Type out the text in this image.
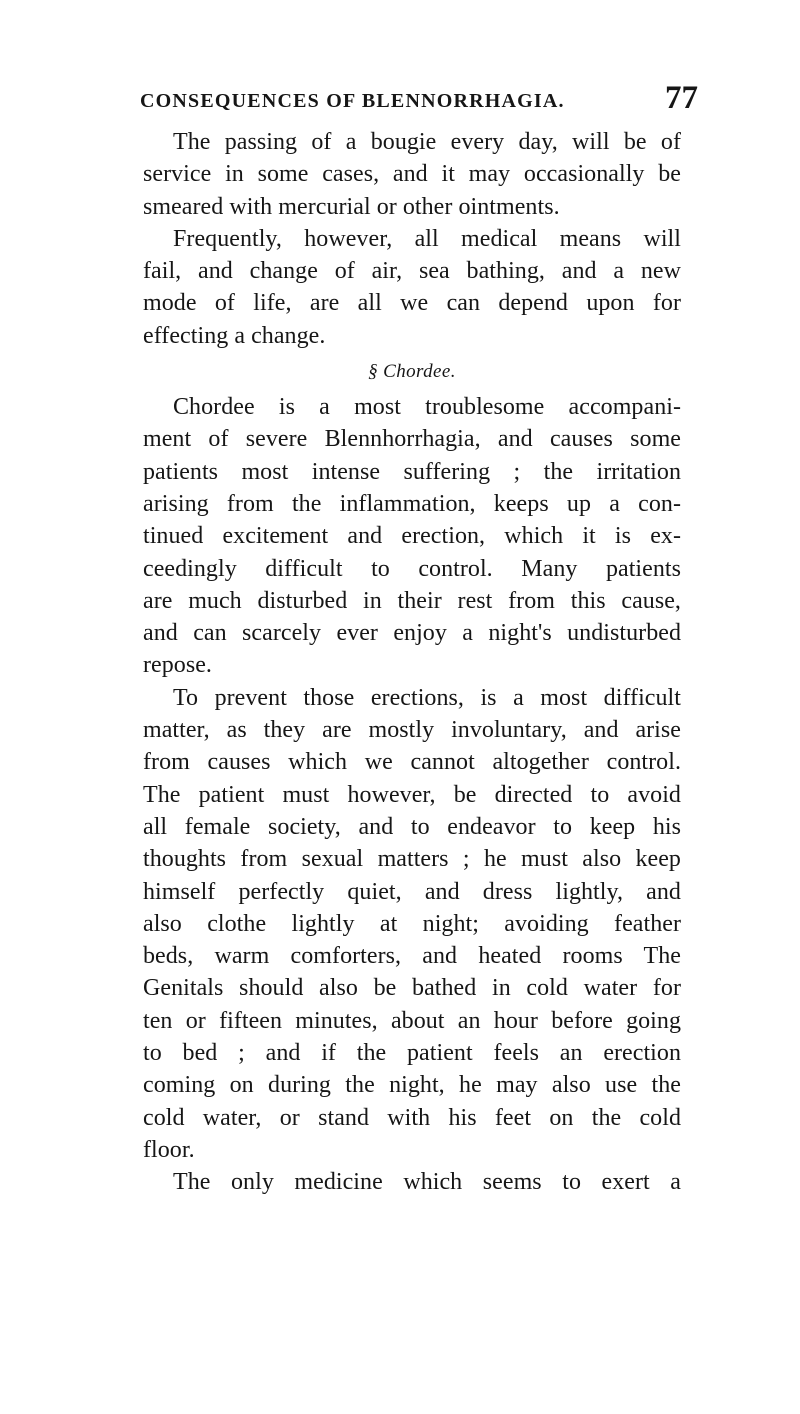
CONSEQUENCES OF BLENNORRHAGIA.	77
The passing of a bougie every day, will be of
service in some cases, and it may occasionally be
smeared with mercurial or other ointments.
Frequently, however, all medical means will
fail, and change of air, sea bathing, and a new
mode of life, are all we can depend upon for
effecting a change.
§ Chordee.
Chordee is a most troublesome accompani-
ment of severe Blennhorrhagia, and causes some
patients most intense suffering ; the irritation
arising from the inflammation, keeps up a con-
tinued excitement and erection, which it is ex-
ceedingly difficult to control. Many patients
are much disturbed in their rest from this cause,
and can scarcely ever enjoy a night's undisturbed
repose.
To prevent those erections, is a most difficult
matter, as they are mostly involuntary, and arise
from causes which we cannot altogether control.
The patient must however, be directed to avoid
all female society, and to endeavor to keep his
thoughts from sexual matters ; he must also keep
himself perfectly quiet, and dress lightly, and
also clothe lightly at night; avoiding feather
beds, warm comforters, and heated rooms The
Genitals should also be bathed in cold water for
ten or fifteen minutes, about an hour before going
to bed ; and if the patient feels an erection
coming on during the night, he may also use the
cold water, or stand with his feet on the cold
floor.
The only medicine which seems to exert a
